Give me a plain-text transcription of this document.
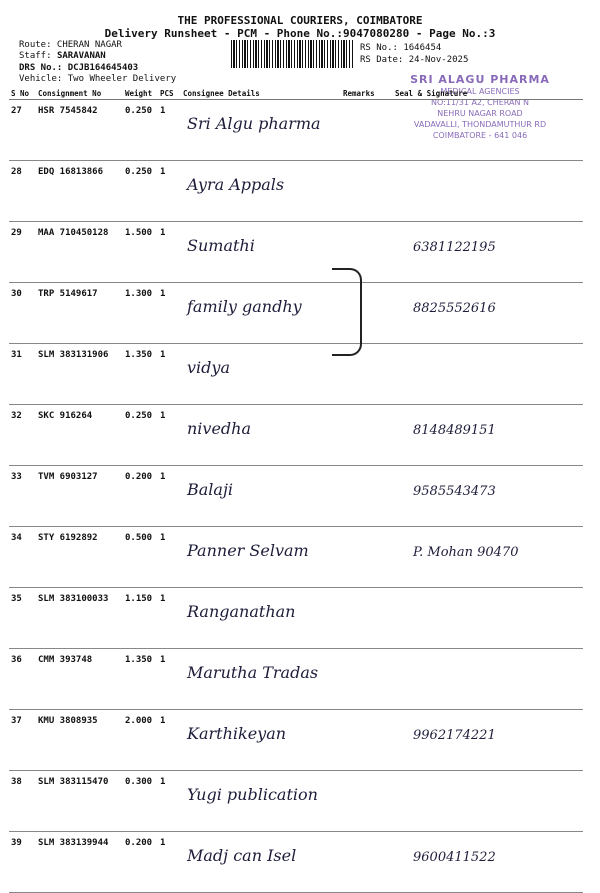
THE PROFESSIONAL COURIERS, COIMBATORE
Delivery Runsheet - PCM - Phone No.:9047080280 - Page No.:3
Route: CHERAN NAGAR
Staff: SARAVANAN
DRS No.: DCJB164645403
Vehicle: Two Wheeler Delivery
RS No.: 1646454
RS Date: 24-Nov-2025
SRI ALAGU PHARMA
MEDICAL AGENCIES
NO:11/31 A2, CHERAN N
NEHRU NAGAR ROAD
VADAVALLI, THONDAMUTHUR RD
COIMBATORE - 641 046
S No	Consignment No	Weight	PCS	Consignee Details	Remarks	Seal & Signature
27	HSR 7545842	0.250	1	Sri Algu pharma		
28	EDQ 16813866	0.250	1	Ayra Appals		
29	MAA 710450128	1.500	1	Sumathi		6381122195
30	TRP 5149617	1.300	1	family gandhy		8825552616
31	SLM 383131906	1.350	1	vidya		
32	SKC 916264	0.250	1	nivedha		8148489151
33	TVM 6903127	0.200	1	Balaji		9585543473
34	STY 6192892	0.500	1	Panner Selvam		P. Mohan 90470
35	SLM 383100033	1.150	1	Ranganathan		
36	CMM 393748	1.350	1	Marutha Tradas		
37	KMU 3808935	2.000	1	Karthikeyan		9962174221
38	SLM 383115470	0.300	1	Yugi publication		
39	SLM 383139944	0.200	1	Madj can Isel		9600411522
